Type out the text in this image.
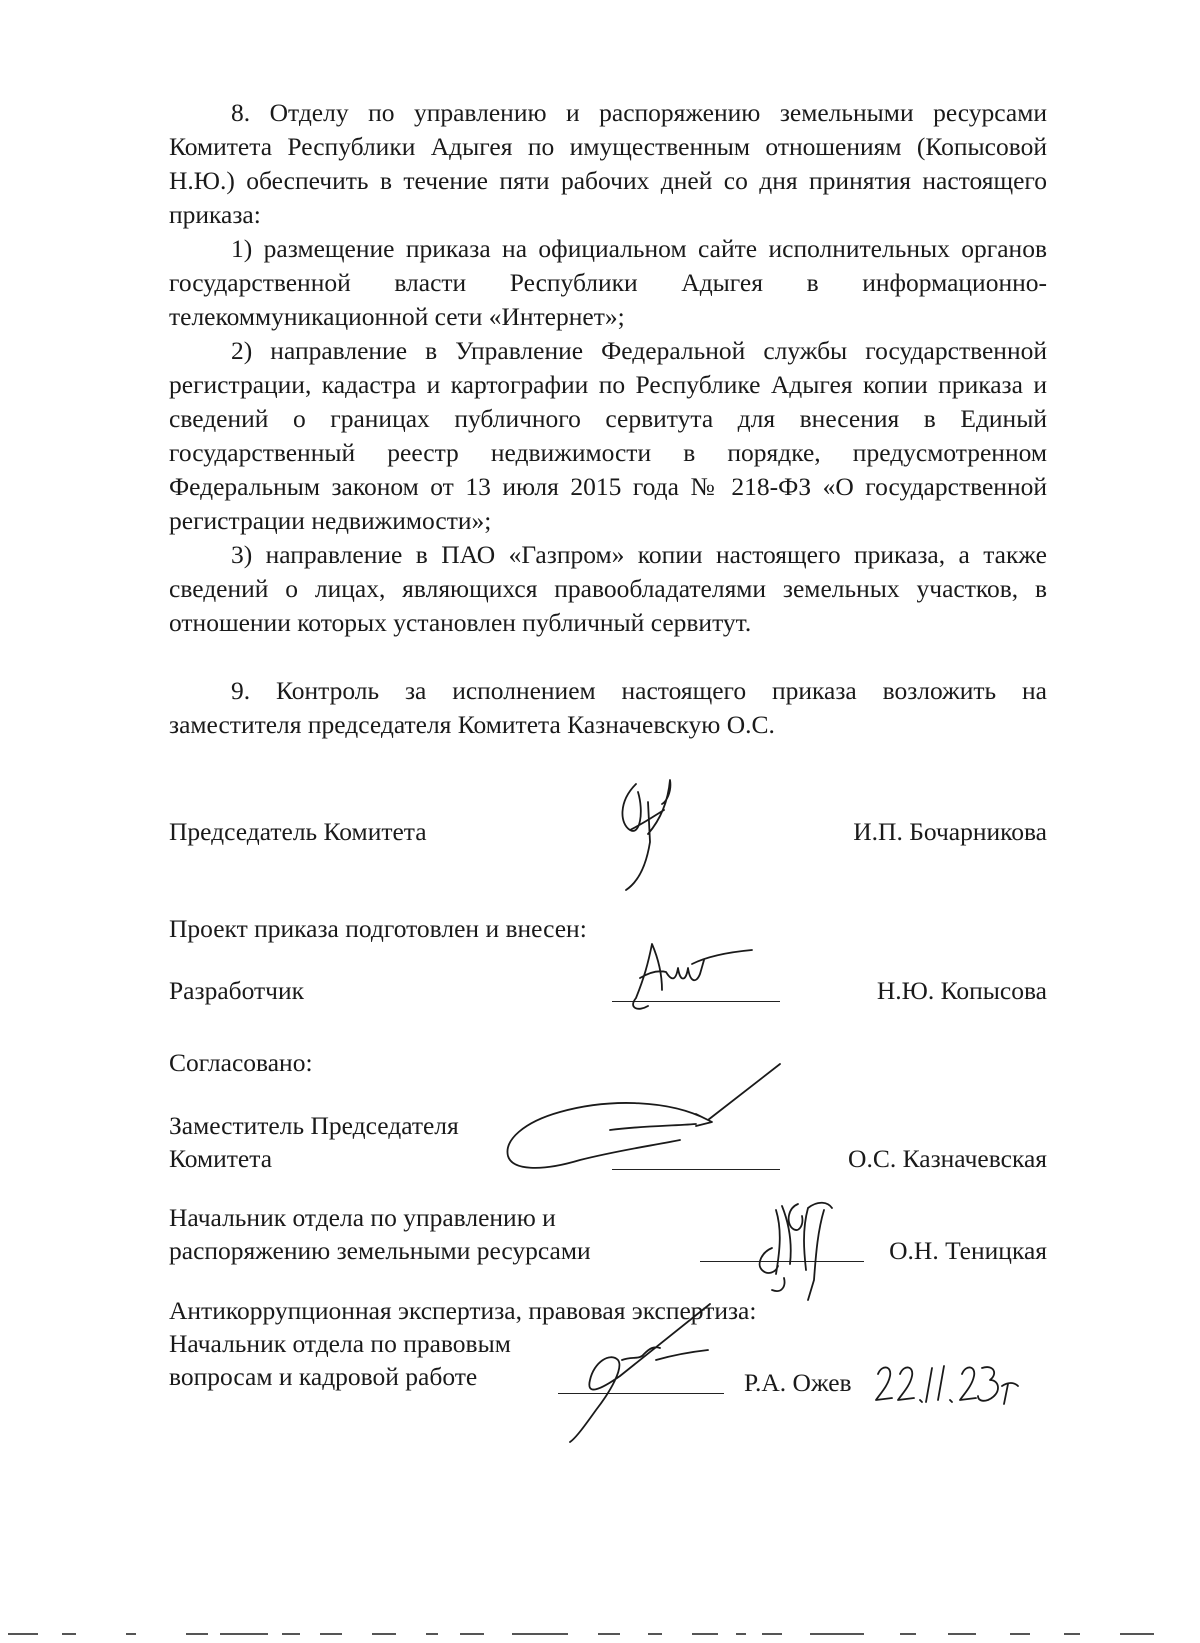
8. Отделу по управлению и распоряжению земельными ресурсами Комитета Республики Адыгея по имущественным отношениям (Копысовой Н.Ю.) обеспечить в течение пяти рабочих дней со дня принятия настоящего приказа:

1) размещение приказа на официальном сайте исполнительных органов государственной власти Республики Адыгея в информационно-телекоммуникационной сети «Интернет»;

2) направление в Управление Федеральной службы государственной регистрации, кадастра и картографии по Республике Адыгея копии приказа и сведений о границах публичного сервитута для внесения в Единый государственный реестр недвижимости в порядке, предусмотренном Федеральным законом от 13 июля 2015 года № 218-ФЗ «О государственной регистрации недвижимости»;

3) направление в ПАО «Газпром» копии настоящего приказа, а также сведений о лицах, являющихся правообладателями земельных участков, в отношении которых установлен публичный сервитут.

9. Контроль за исполнением настоящего приказа возложить на заместителя председателя Комитета Казначевскую О.С.

Председатель Комитета	И.П. Бочарникова
Проект приказа подготовлен и внесен:
Разработчик	Н.Ю. Копысова
Согласовано:
Заместитель Председателя
Комитета	О.С. Казначевская
Начальник отдела по управлению и
распоряжению земельными ресурсами	О.Н. Теницкая
Антикоррупционная экспертиза, правовая экспертиза:
Начальник отдела по правовым
вопросам и кадровой работе	Р.А. Ожев
